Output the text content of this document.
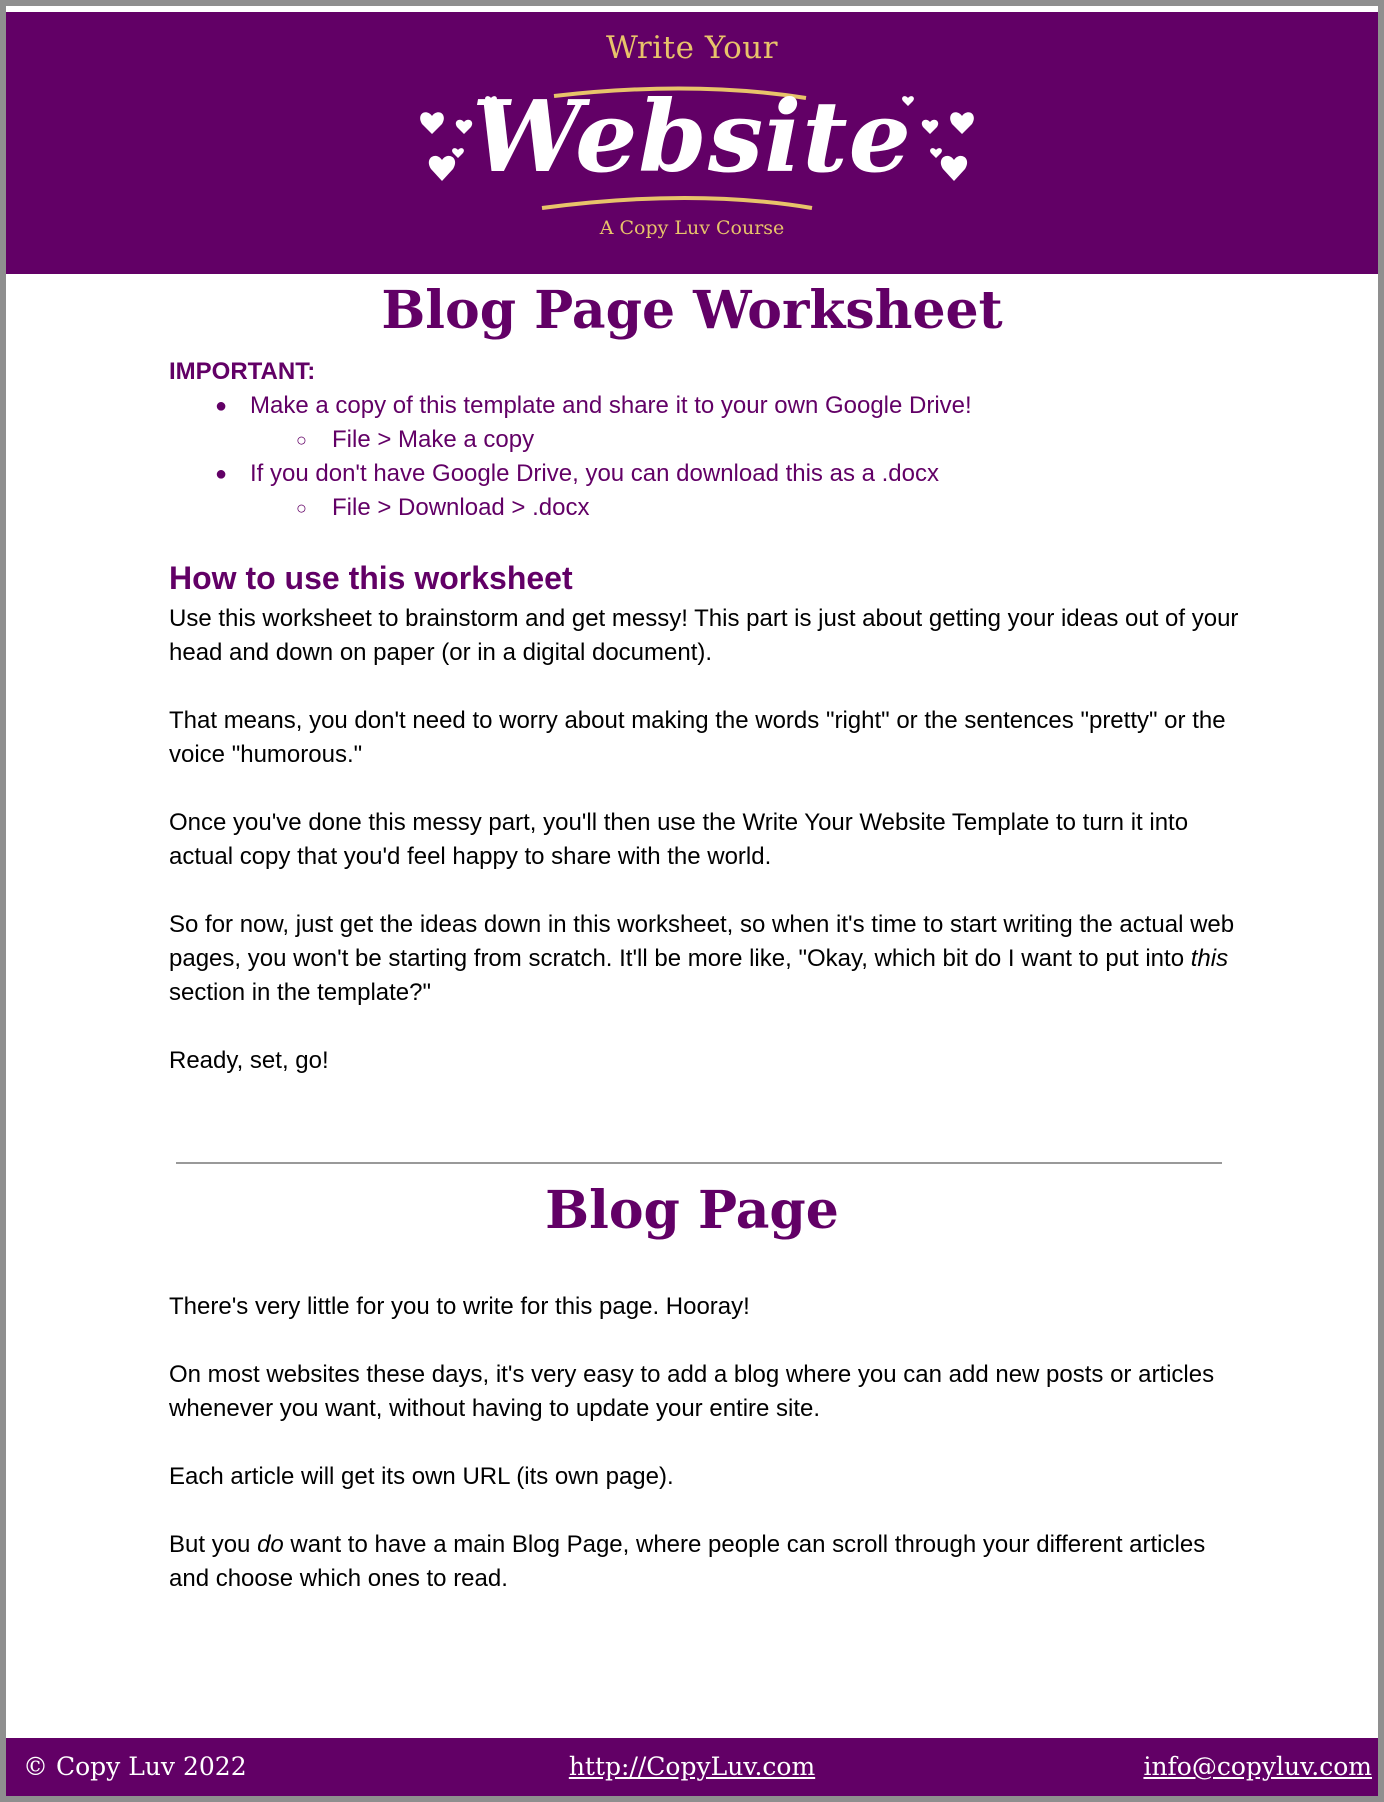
Write Your
Website
A Copy Luv Course
Blog Page Worksheet
IMPORTANT:
● Make a copy of this template and share it to your own Google Drive!
○ File > Make a copy
● If you don't have Google Drive, you can download this as a .docx
○ File > Download > .docx
How to use this worksheet

Use this worksheet to brainstorm and get messy! This part is just about getting your ideas out of your head and down on paper (or in a digital document).

That means, you don't need to worry about making the words "right" or the sentences "pretty" or the voice "humorous."

Once you've done this messy part, you'll then use the Write Your Website Template to turn it into actual copy that you'd feel happy to share with the world.

So for now, just get the ideas down in this worksheet, so when it's time to start writing the actual web pages, you won't be starting from scratch. It'll be more like, "Okay, which bit do I want to put into this section in the template?"

Ready, set, go!

Blog Page

There's very little for you to write for this page. Hooray!

On most websites these days, it's very easy to add a blog where you can add new posts or articles whenever you want, without having to update your entire site.

Each article will get its own URL (its own page).

But you do want to have a main Blog Page, where people can scroll through your different articles and choose which ones to read.

© Copy Luv 2022	http://CopyLuv.com	info@copyluv.com
